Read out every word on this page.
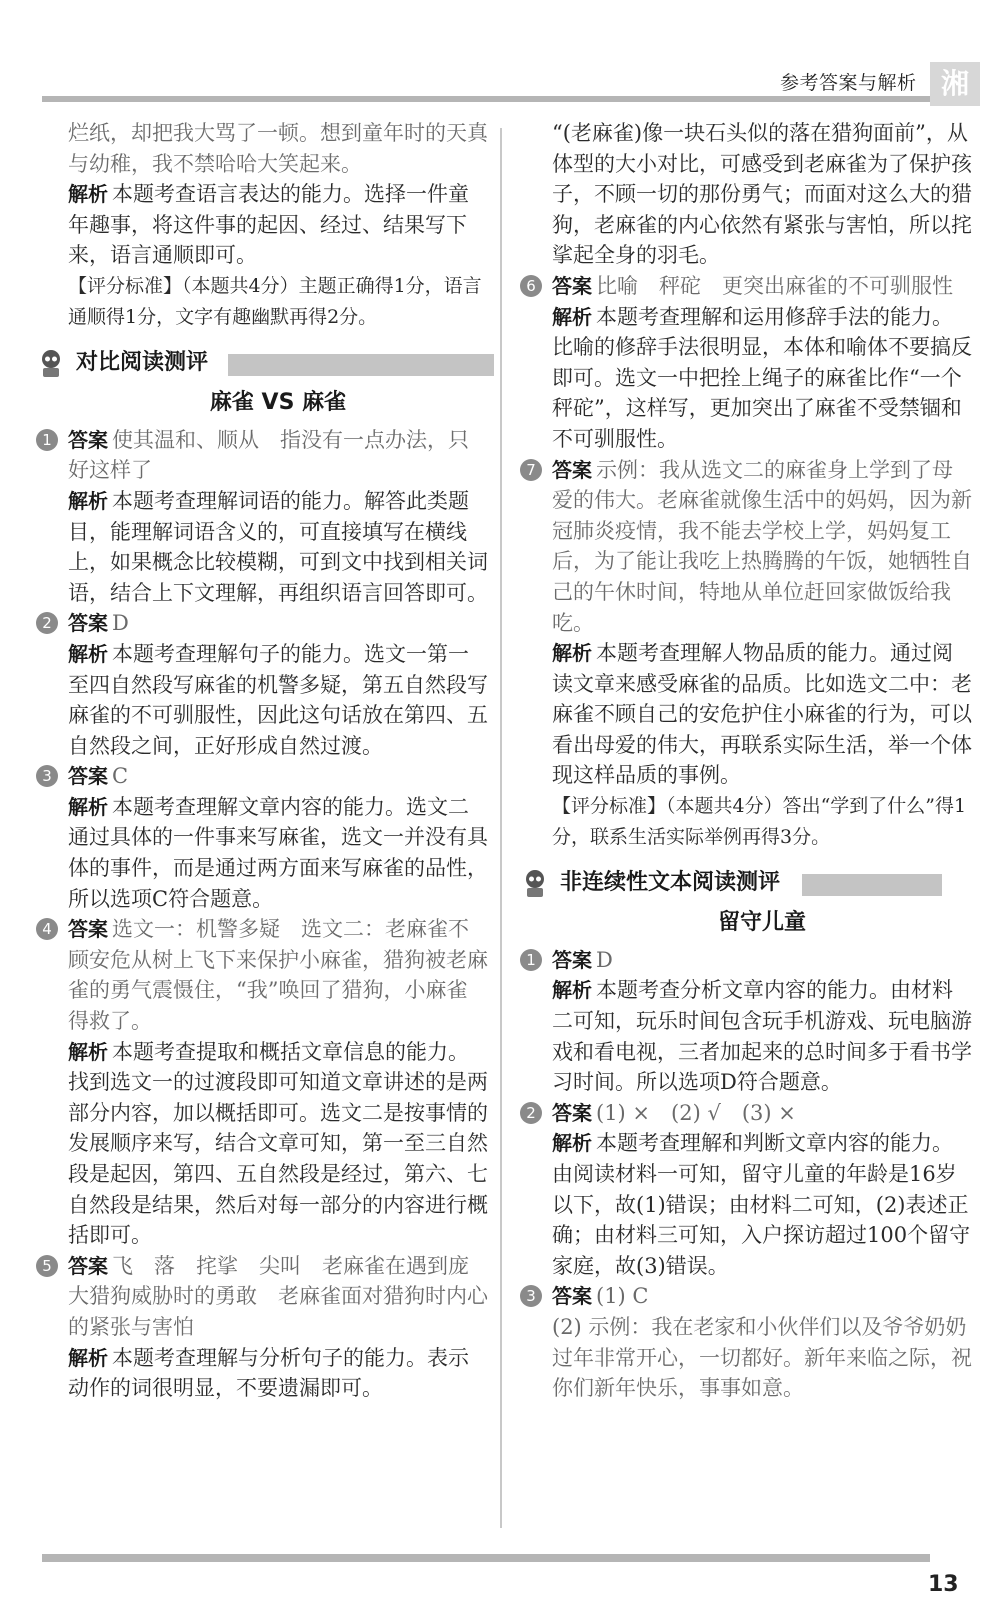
参考答案与解析 湘

烂纸，却把我大骂了一顿。想到童年时的天真与幼稚，我不禁哈哈大笑起来。

解析 本题考查语言表达的能力。选择一件童年趣事，将这件事的起因、经过、结果写下来，语言通顺即可。

【评分标准】（本题共4分）主题正确得1分，语言通顺得1分，文字有趣幽默再得2分。

对比阅读测评
麻雀 VS 麻雀

1 答案 使其温和、顺从　指没有一点办法，只好这样了

解析 本题考查理解词语的能力。解答此类题目，能理解词语含义的，可直接填写在横线上，如果概念比较模糊，可到文中找到相关词语，结合上下文理解，再组织语言回答即可。

2 答案 D

解析 本题考查理解句子的能力。选文一第一至四自然段写麻雀的机警多疑，第五自然段写麻雀的不可驯服性，因此这句话放在第四、五自然段之间，正好形成自然过渡。

3 答案 C

解析 本题考查理解文章内容的能力。选文二通过具体的一件事来写麻雀，选文一并没有具体的事件，而是通过两方面来写麻雀的品性，所以选项C符合题意。

4 答案 选文一：机警多疑　选文二：老麻雀不顾安危从树上飞下来保护小麻雀，猎狗被老麻雀的勇气震慑住，“我”唤回了猎狗，小麻雀得救了。

解析 本题考查提取和概括文章信息的能力。找到选文一的过渡段即可知道文章讲述的是两部分内容，加以概括即可。选文二是按事情的发展顺序来写，结合文章可知，第一至三自然段是起因，第四、五自然段是经过，第六、七自然段是结果，然后对每一部分的内容进行概括即可。

5 答案 飞　落　挓挲　尖叫　老麻雀在遇到庞大猎狗威胁时的勇敢　老麻雀面对猎狗时内心的紧张与害怕

解析 本题考查理解与分析句子的能力。表示动作的词很明显，不要遗漏即可。

“(老麻雀)像一块石头似的落在猎狗面前”，从体型的大小对比，可感受到老麻雀为了保护孩子，不顾一切的那份勇气；而面对这么大的猎狗，老麻雀的内心依然有紧张与害怕，所以挓挲起全身的羽毛。

6 答案 比喻　秤砣　更突出麻雀的不可驯服性

解析 本题考查理解和运用修辞手法的能力。比喻的修辞手法很明显，本体和喻体不要搞反即可。选文一中把拴上绳子的麻雀比作“一个秤砣”，这样写，更加突出了麻雀不受禁锢和不可驯服性。

7 答案 示例：我从选文二的麻雀身上学到了母爱的伟大。老麻雀就像生活中的妈妈，因为新冠肺炎疫情，我不能去学校上学，妈妈复工后，为了能让我吃上热腾腾的午饭，她牺牲自己的午休时间，特地从单位赶回家做饭给我吃。

解析 本题考查理解人物品质的能力。通过阅读文章来感受麻雀的品质。比如选文二中：老麻雀不顾自己的安危护住小麻雀的行为，可以看出母爱的伟大，再联系实际生活，举一个体现这样品质的事例。

【评分标准】（本题共4分）答出“学到了什么”得1分，联系生活实际举例再得3分。

非连续性文本阅读测评
留守儿童

1 答案 D

解析 本题考查分析文章内容的能力。由材料二可知，玩乐时间包含玩手机游戏、玩电脑游戏和看电视，三者加起来的总时间多于看书学习时间。所以选项D符合题意。

2 答案 (1) ×　(2) √　(3) ×

解析 本题考查理解和判断文章内容的能力。由阅读材料一可知，留守儿童的年龄是16岁以下，故(1)错误；由材料二可知，(2)表述正确；由材料三可知，入户探访超过100个留守家庭，故(3)错误。

3 答案 (1) C

(2) 示例：我在老家和小伙伴们以及爷爷奶奶过年非常开心，一切都好。新年来临之际，祝你们新年快乐，事事如意。

13
